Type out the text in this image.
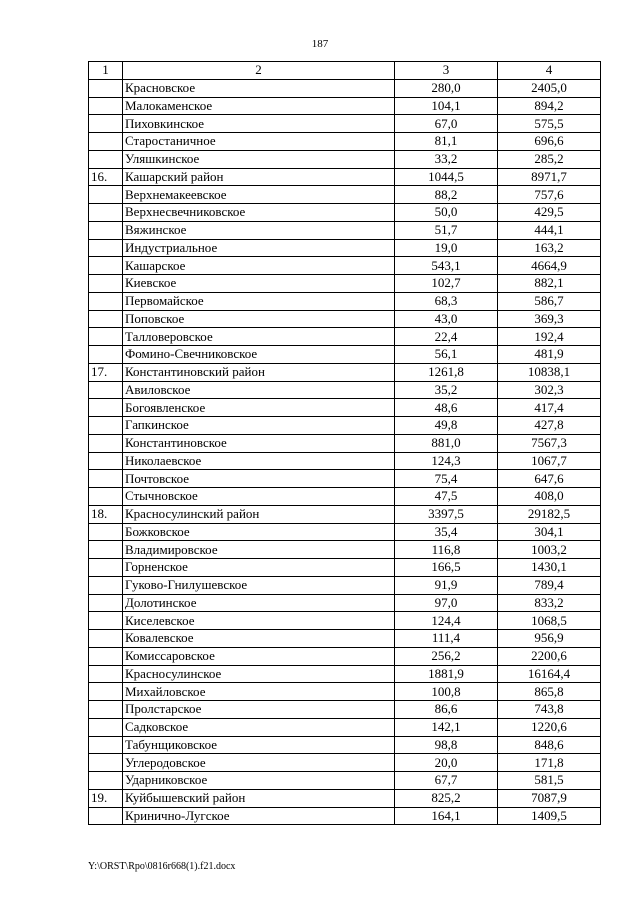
187
1	2	3	4
	Красновское	280,0	2405,0
	Малокаменское	104,1	894,2
	Пиховкинское	67,0	575,5
	Старостаничное	81,1	696,6
	Уляшкинское	33,2	285,2
16.	Кашарский район	1044,5	8971,7
	Верхнемакеевское	88,2	757,6
	Верхнесвечниковское	50,0	429,5
	Вяжинское	51,7	444,1
	Индустриальное	19,0	163,2
	Кашарское	543,1	4664,9
	Киевское	102,7	882,1
	Первомайское	68,3	586,7
	Поповское	43,0	369,3
	Талловеровское	22,4	192,4
	Фомино-Свечниковское	56,1	481,9
17.	Константиновский район	1261,8	10838,1
	Авиловское	35,2	302,3
	Богоявленское	48,6	417,4
	Гапкинское	49,8	427,8
	Константиновское	881,0	7567,3
	Николаевское	124,3	1067,7
	Почтовское	75,4	647,6
	Стычновское	47,5	408,0
18.	Красносулинский район	3397,5	29182,5
	Божковское	35,4	304,1
	Владимировское	116,8	1003,2
	Горненское	166,5	1430,1
	Гуково-Гнилушевское	91,9	789,4
	Долотинское	97,0	833,2
	Киселевское	124,4	1068,5
	Ковалевское	111,4	956,9
	Комиссаровское	256,2	2200,6
	Красносулинское	1881,9	16164,4
	Михайловское	100,8	865,8
	Пролстарское	86,6	743,8
	Садковское	142,1	1220,6
	Табунщиковское	98,8	848,6
	Углеродовское	20,0	171,8
	Ударниковское	67,7	581,5
19.	Куйбышевский район	825,2	7087,9
	Кринично-Лугское	164,1	1409,5
Y:\ORST\Rpo\0816r668(1).f21.docx
